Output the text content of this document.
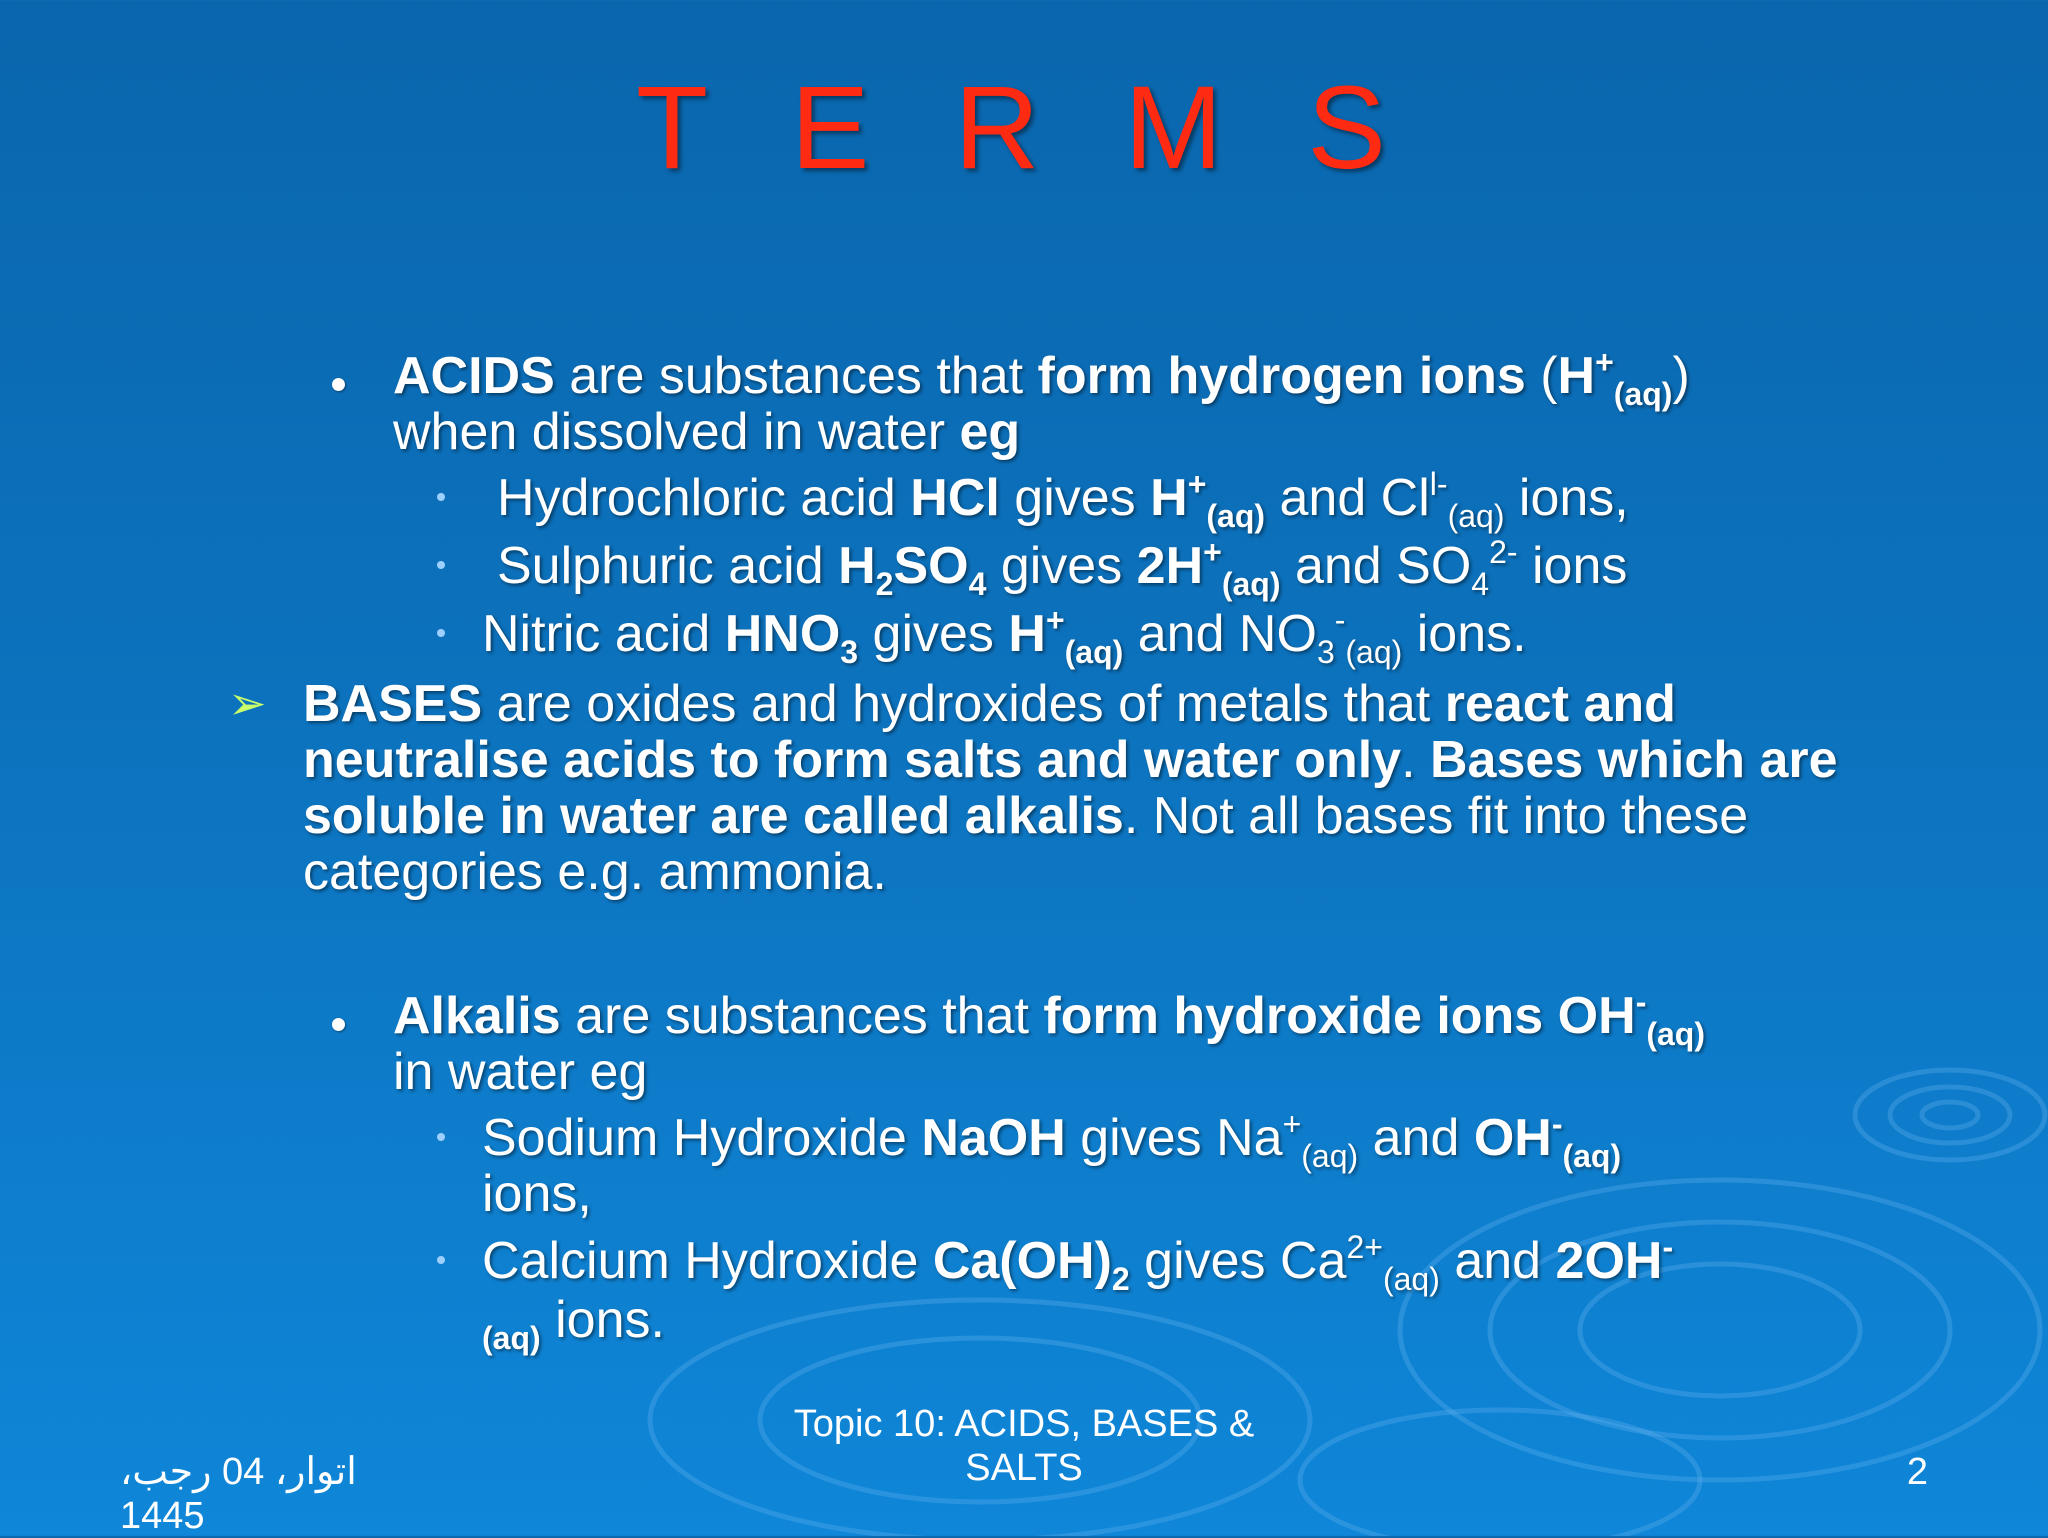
T E R M S
ACIDS are substances that form hydrogen ions $(H^+_{(aq)})$
when dissolved in water eg
Hydrochloric acid HCl gives $H^+_{(aq)}$ and $Cl^{l-}_{(aq)}$ ions,
Sulphuric acid $H_2SO_4$ gives $2H^+_{(aq)}$ and $SO_4^{2-}$ ions
Nitric acid $HNO_3$ gives $H^+_{(aq)}$ and $NO_3^-_{(aq)}$ ions.
➢ BASES are oxides and hydroxides of metals that react and neutralise acids to form salts and water only. Bases which are soluble in water are called alkalis. Not all bases fit into these categories e.g. ammonia.
Alkalis are substances that form hydroxide ions $OH^-_{(aq)}$
in water eg
Sodium Hydroxide NaOH gives $Na^+_{(aq)}$ and $OH^-_{(aq)}$
ions,
Calcium Hydroxide $Ca(OH)_2$ gives $Ca^{2+}_{(aq)}$ and 2OH-
$_{(aq)}$ ions.
اتوار، 04 رجب، 1445
Topic 10: ACIDS, BASES &
SALTS	2
